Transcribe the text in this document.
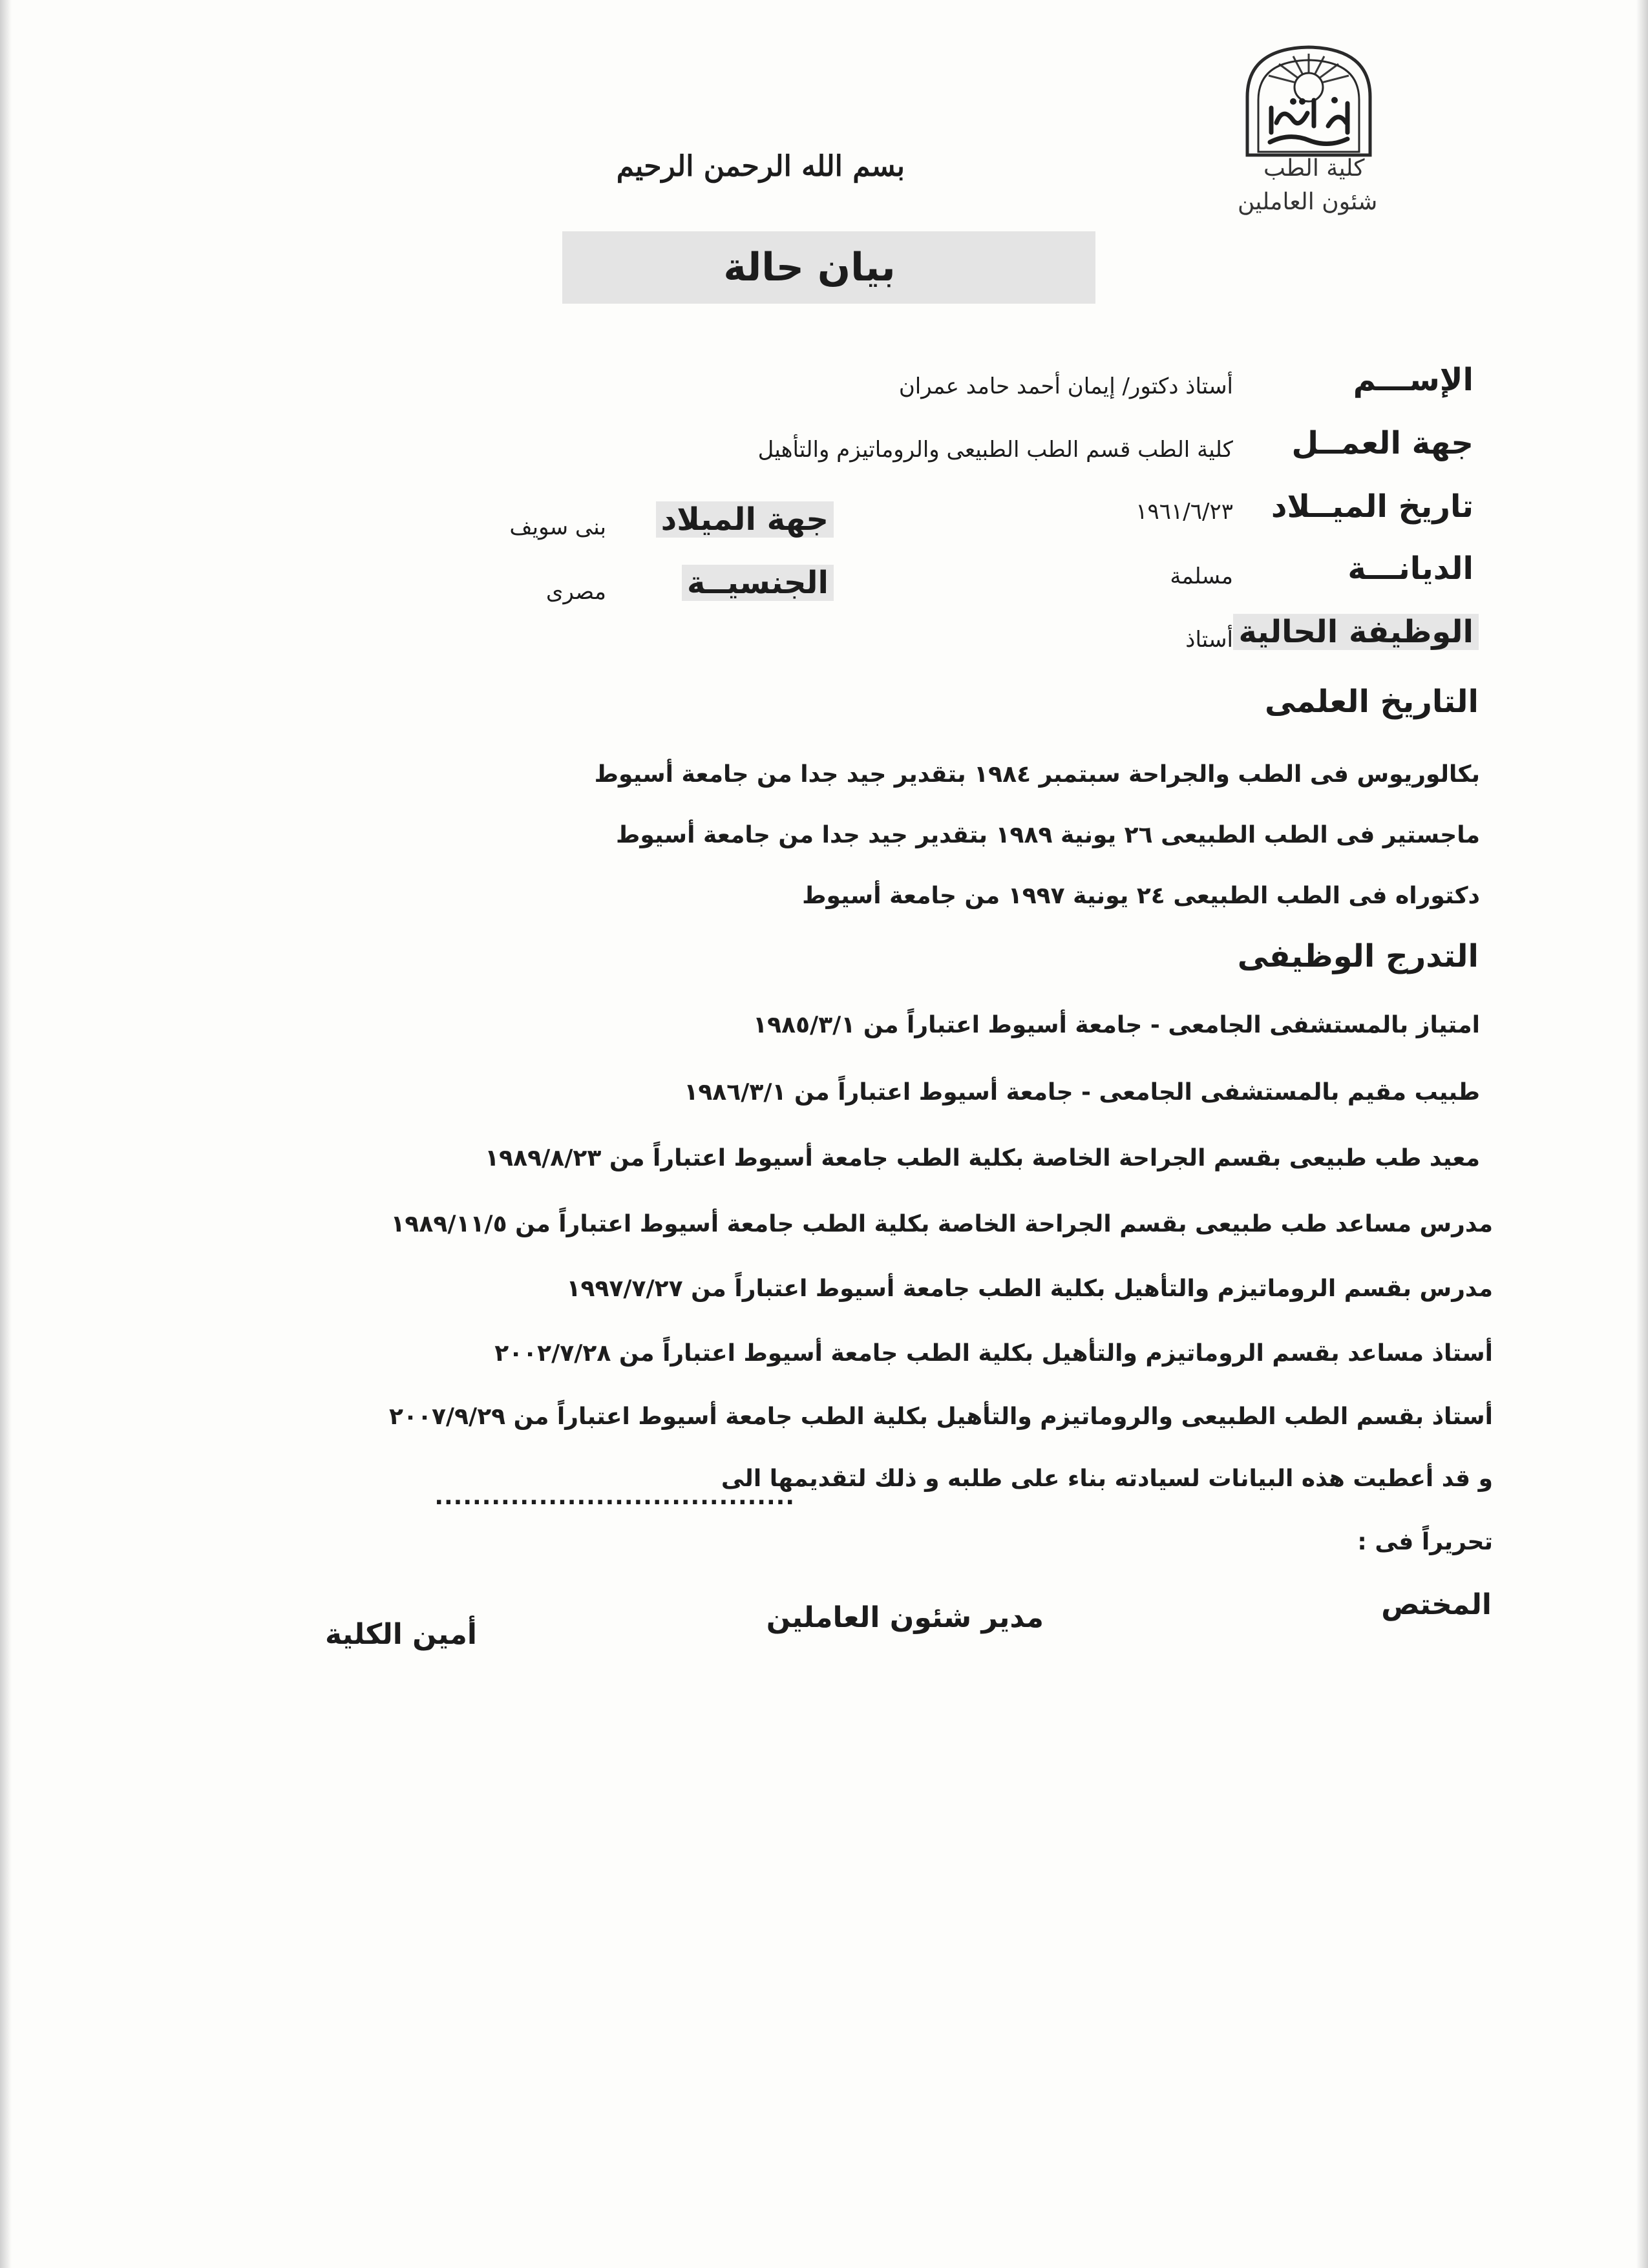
كلية الطب
شئون العاملين
بسم الله الرحمن الرحيم
بيان حالة
الإســـم
أستاذ دكتور/ إيمان أحمد حامد عمران
جهة العمــل
كلية الطب قسم الطب الطبيعى والروماتيزم والتأهيل
تاريخ الميــلاد
١٩٦١/٦/٢٣
جهة الميلاد
بنى سويف
الديانـــة
مسلمة
الجنسيــة
مصرى
الوظيفة الحالية
أستاذ
التاريخ العلمى
بكالوريوس فى الطب والجراحة سبتمبر ١٩٨٤ بتقدير جيد جدا من جامعة أسيوط
ماجستير فى الطب الطبيعى ٢٦ يونية ١٩٨٩ بتقدير جيد جدا من جامعة أسيوط
دكتوراه فى الطب الطبيعى ٢٤ يونية ١٩٩٧ من جامعة أسيوط
التدرج الوظيفى
امتياز بالمستشفى الجامعى - جامعة أسيوط اعتباراً من ١٩٨٥/٣/١
طبيب مقيم بالمستشفى الجامعى - جامعة أسيوط اعتباراً من ١٩٨٦/٣/١
معيد طب طبيعى بقسم الجراحة الخاصة بكلية الطب جامعة أسيوط اعتباراً من ١٩٨٩/٨/٢٣
مدرس مساعد طب طبيعى بقسم الجراحة الخاصة بكلية الطب جامعة أسيوط اعتباراً من ١٩٨٩/١١/٥
مدرس بقسم الروماتيزم والتأهيل بكلية الطب جامعة أسيوط اعتباراً من ١٩٩٧/٧/٢٧
أستاذ مساعد بقسم الروماتيزم والتأهيل بكلية الطب جامعة أسيوط اعتباراً من ٢٠٠٢/٧/٢٨
أستاذ بقسم الطب الطبيعى والروماتيزم والتأهيل بكلية الطب جامعة أسيوط اعتباراً من ٢٠٠٧/٩/٢٩
و قد أعطيت هذه البيانات لسيادته بناء على طلبه و ذلك لتقديمها الى
......................................
تحريراً فى :
المختص
مدير شئون العاملين
أمين الكلية
